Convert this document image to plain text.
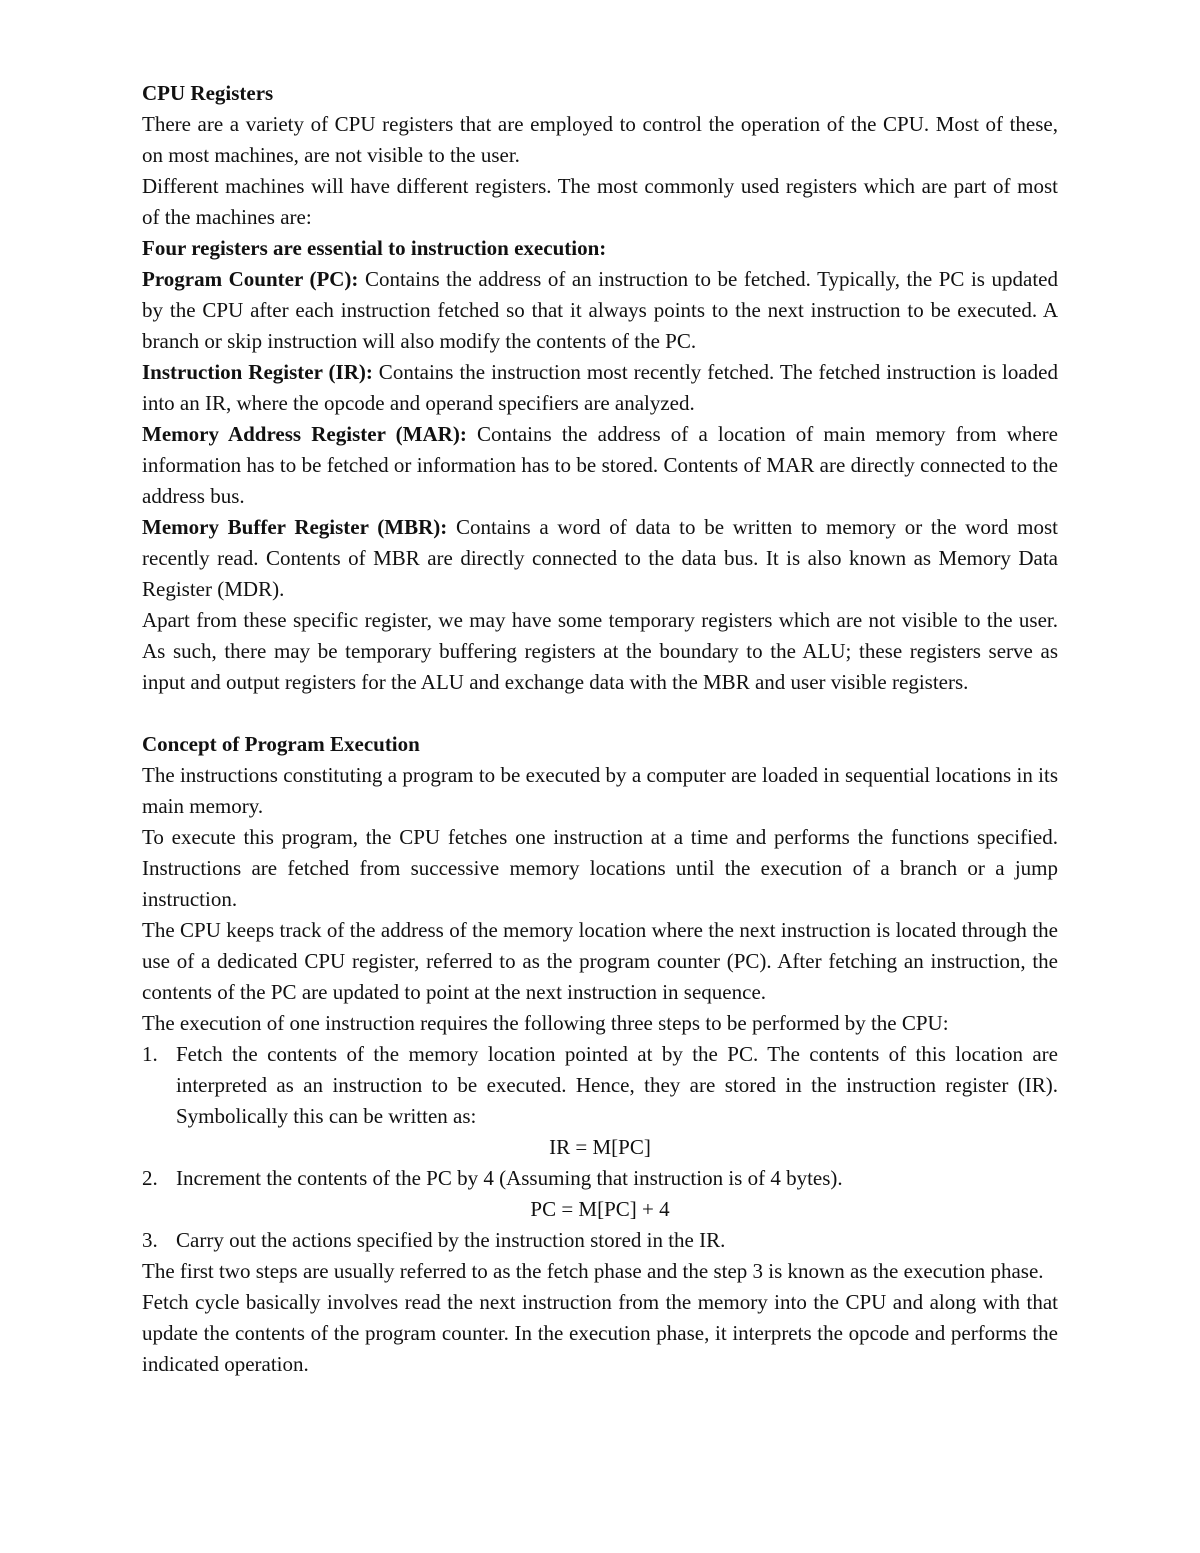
CPU Registers

There are a variety of CPU registers that are employed to control the operation of the CPU. Most of these, on most machines, are not visible to the user.

Different machines will have different registers. The most commonly used registers which are part of most of the machines are:

Four registers are essential to instruction execution:

Program Counter (PC): Contains the address of an instruction to be fetched. Typically, the PC is updated by the CPU after each instruction fetched so that it always points to the next instruction to be executed. A branch or skip instruction will also modify the contents of the PC.

Instruction Register (IR): Contains the instruction most recently fetched. The fetched instruction is loaded into an IR, where the opcode and operand specifiers are analyzed.

Memory Address Register (MAR): Contains the address of a location of main memory from where information has to be fetched or information has to be stored. Contents of MAR are directly connected to the address bus.

Memory Buffer Register (MBR): Contains a word of data to be written to memory or the word most recently read. Contents of MBR are directly connected to the data bus. It is also known as Memory Data Register (MDR).

Apart from these specific register, we may have some temporary registers which are not visible to the user. As such, there may be temporary buffering registers at the boundary to the ALU; these registers serve as input and output registers for the ALU and exchange data with the MBR and user visible registers.

Concept of Program Execution

The instructions constituting a program to be executed by a computer are loaded in sequential locations in its main memory.

To execute this program, the CPU fetches one instruction at a time and performs the functions specified. Instructions are fetched from successive memory locations until the execution of a branch or a jump instruction.

The CPU keeps track of the address of the memory location where the next instruction is located through the use of a dedicated CPU register, referred to as the program counter (PC). After fetching an instruction, the contents of the PC are updated to point at the next instruction in sequence.

The execution of one instruction requires the following three steps to be performed by the CPU:

1. Fetch the contents of the memory location pointed at by the PC. The contents of this location are interpreted as an instruction to be executed. Hence, they are stored in the instruction register (IR). Symbolically this can be written as:

IR = M[PC]

2. Increment the contents of the PC by 4 (Assuming that instruction is of 4 bytes).

PC = M[PC] + 4

3. Carry out the actions specified by the instruction stored in the IR.

The first two steps are usually referred to as the fetch phase and the step 3 is known as the execution phase.

Fetch cycle basically involves read the next instruction from the memory into the CPU and along with that update the contents of the program counter. In the execution phase, it interprets the opcode and performs the indicated operation.
